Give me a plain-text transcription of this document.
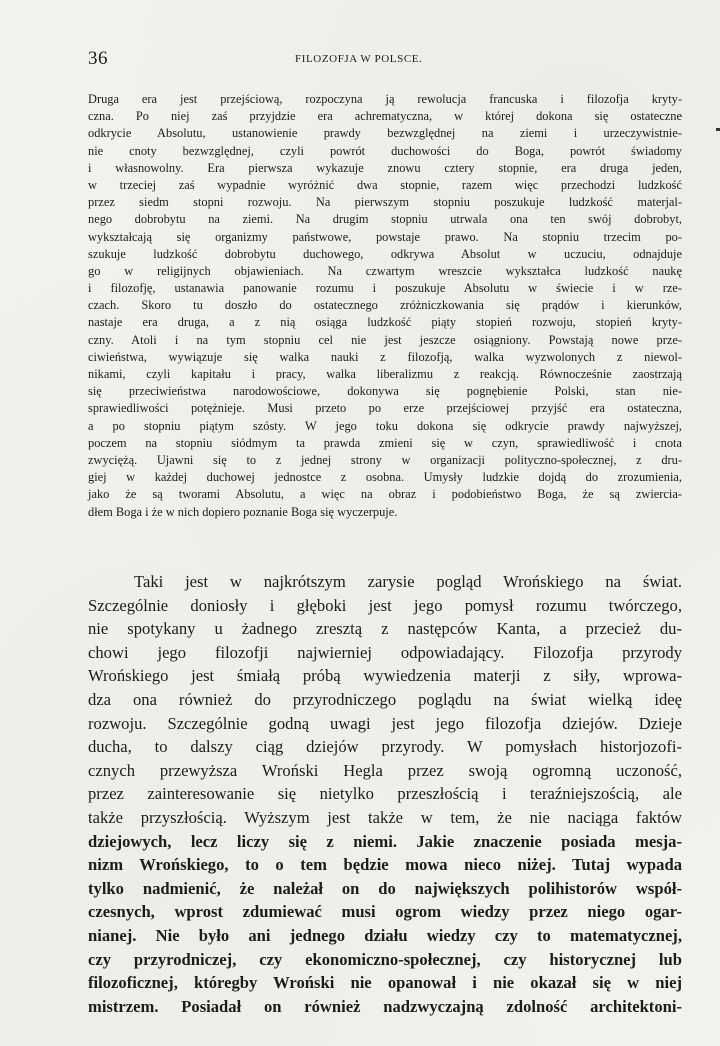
36	FILOZOFJA W POLSCE.
Druga era jest przejściową, rozpoczyna ją rewolucja francuska i filozofja kryty-
czna. Po niej zaś przyjdzie era achrematyczna, w której dokona się ostateczne
odkrycie Absolutu, ustanowienie prawdy bezwzględnej na ziemi i urzeczywistnie-
nie cnoty bezwzględnej, czyli powrót duchowości do Boga, powrót świadomy
i własnowolny. Era pierwsza wykazuje znowu cztery stopnie, era druga jeden,
w trzeciej zaś wypadnie wyróżnić dwa stopnie, razem więc przechodzi ludzkość
przez siedm stopni rozwoju. Na pierwszym stopniu poszukuje ludzkość materjal-
nego dobrobytu na ziemi. Na drugim stopniu utrwala ona ten swój dobrobyt,
wykształcają się organizmy państwowe, powstaje prawo. Na stopniu trzecim po-
szukuje ludzkość dobrobytu duchowego, odkrywa Absolut w uczuciu, odnajduje
go w religijnych objawieniach. Na czwartym wreszcie wykształca ludzkość naukę
i filozofję, ustanawia panowanie rozumu i poszukuje Absolutu w świecie i w rze-
czach. Skoro tu doszło do ostatecznego zróżniczkowania się prądów i kierunków,
nastaje era druga, a z nią osiąga ludzkość piąty stopień rozwoju, stopień kryty-
czny. Atoli i na tym stopniu cel nie jest jeszcze osiągniony. Powstają nowe prze-
ciwieństwa, wywiązuje się walka nauki z filozofją, walka wyzwolonych z niewol-
nikami, czyli kapitału i pracy, walka liberalizmu z reakcją. Równocześnie zaostrzają
się przeciwieństwa narodowościowe, dokonywa się pognębienie Polski, stan nie-
sprawiedliwości potężnieje. Musi przeto po erze przejściowej przyjść era ostateczna,
a po stopniu piątym szósty. W jego toku dokona się odkrycie prawdy najwyższej,
poczem na stopniu siódmym ta prawda zmieni się w czyn, sprawiedliwość i cnota
zwyciężą. Ujawni się to z jednej strony w organizacji polityczno-społecznej, z dru-
giej w każdej duchowej jednostce z osobna. Umysły ludzkie dojdą do zrozumienia,
jako że są tworami Absolutu, a więc na obraz i podobieństwo Boga, że są zwiercia-
dłem Boga i że w nich dopiero poznanie Boga się wyczerpuje.
Taki jest w najkrótszym zarysie pogląd Wrońskiego na świat.
Szczególnie doniosły i głęboki jest jego pomysł rozumu twórczego,
nie spotykany u żadnego zresztą z następców Kanta, a przecież du-
chowi jego filozofji najwierniej odpowiadający. Filozofja przyrody
Wrońskiego jest śmiałą próbą wywiedzenia materji z siły, wprowa-
dza ona również do przyrodniczego poglądu na świat wielką ideę
rozwoju. Szczególnie godną uwagi jest jego filozofja dziejów. Dzieje
ducha, to dalszy ciąg dziejów przyrody. W pomysłach historjozofi-
cznych przewyższa Wroński Hegla przez swoją ogromną uczoność,
przez zainteresowanie się nietylko przeszłością i teraźniejszością, ale
także przyszłością. Wyższym jest także w tem, że nie naciąga faktów
dziejowych, lecz liczy się z niemi. Jakie znaczenie posiada mesja-
nizm Wrońskiego, to o tem będzie mowa nieco niżej. Tutaj wypada
tylko nadmienić, że należał on do największych polihistorów współ-
czesnych, wprost zdumiewać musi ogrom wiedzy przez niego ogar-
nianej. Nie było ani jednego działu wiedzy czy to matematycznej,
czy przyrodniczej, czy ekonomiczno-społecznej, czy historycznej lub
filozoficznej, któregby Wroński nie opanował i nie okazał się w niej
mistrzem. Posiadał on również nadzwyczajną zdolność architektoni-
